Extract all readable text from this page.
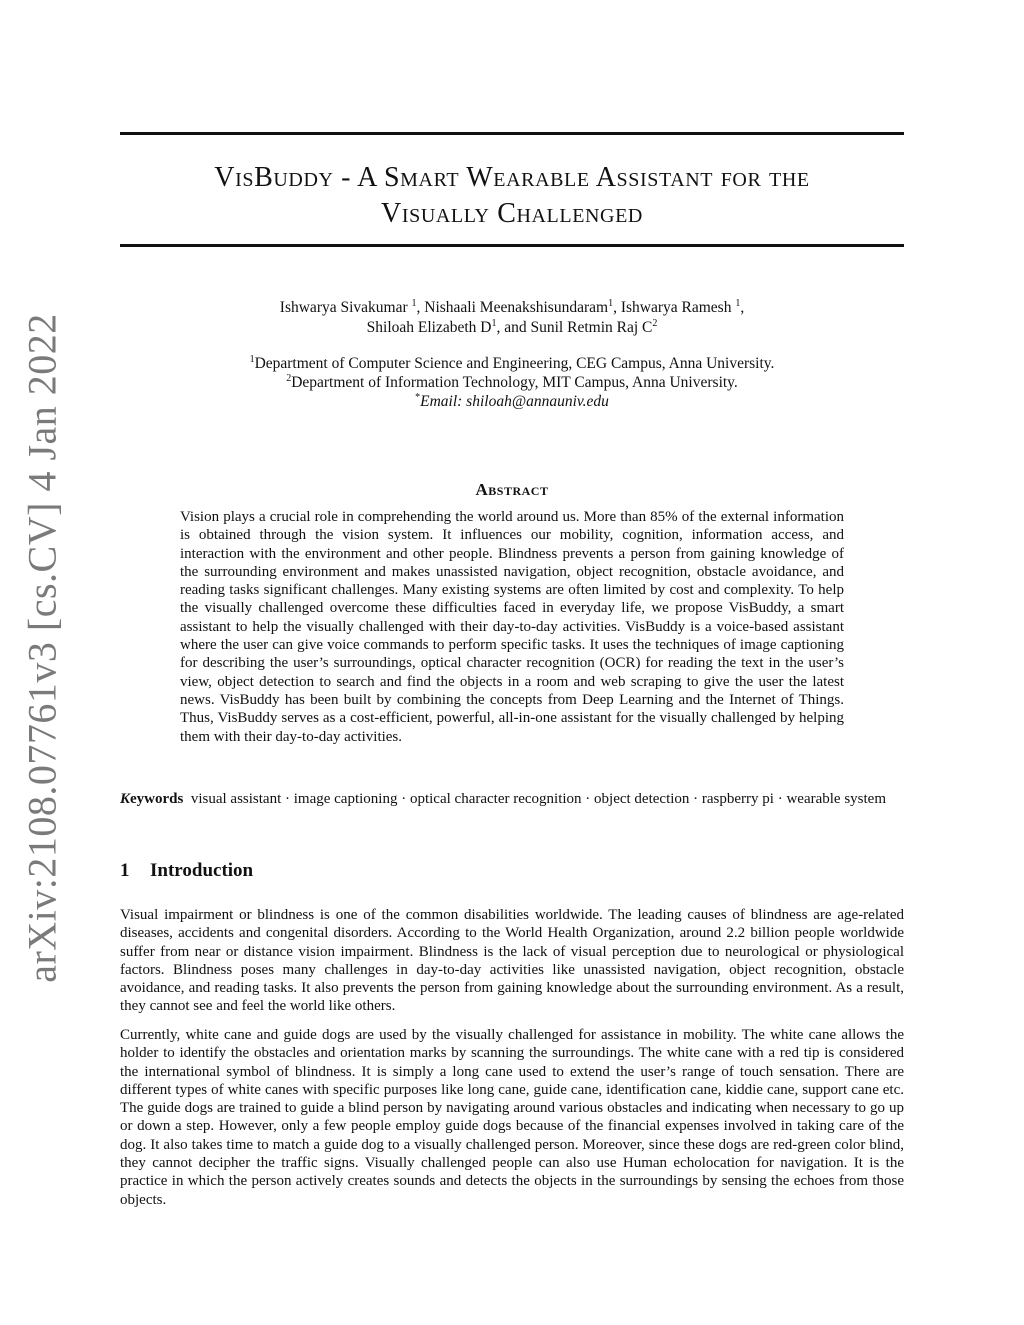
arXiv:2108.07761v3 [cs.CV] 4 Jan 2022
VisBuddy - A Smart Wearable Assistant for the
Visually Challenged
Ishwarya Sivakumar $^1$, Nishaali Meenakshisundaram$^1$, Ishwarya Ramesh $^1$,
Shiloah Elizabeth $D^1$, and Sunil Retmin Raj $C^2$
$^1$Department of Computer Science and Engineering, CEG Campus, Anna University.
$^2$Department of Information Technology, MIT Campus, Anna University.
*Email: shiloah@annauniv.edu
Abstract
Vision plays a crucial role in comprehending the world around us. More than 85% of the external information is obtained through the vision system. It influences our mobility, cognition, information access, and interaction with the environment and other people. Blindness prevents a person from gaining knowledge of the surrounding environment and makes unassisted navigation, object recognition, obstacle avoidance, and reading tasks significant challenges. Many existing systems are often limited by cost and complexity. To help the visually challenged overcome these difficulties faced in everyday life, we propose VisBuddy, a smart assistant to help the visually challenged with their day-to-day activities. VisBuddy is a voice-based assistant where the user can give voice commands to perform specific tasks. It uses the techniques of image captioning for describing the user’s surroundings, optical character recognition (OCR) for reading the text in the user’s view, object detection to search and find the objects in a room and web scraping to give the user the latest news. VisBuddy has been built by combining the concepts from Deep Learning and the Internet of Things. Thus, VisBuddy serves as a cost-efficient, powerful, all-in-one assistant for the visually challenged by helping them with their day-to-day activities.
Keywords visual assistant · image captioning · optical character recognition · object detection · raspberry pi · wearable system
1 Introduction

Visual impairment or blindness is one of the common disabilities worldwide. The leading causes of blindness are age-related diseases, accidents and congenital disorders. According to the World Health Organization, around 2.2 billion people worldwide suffer from near or distance vision impairment. Blindness is the lack of visual perception due to neurological or physiological factors. Blindness poses many challenges in day-to-day activities like unassisted navigation, object recognition, obstacle avoidance, and reading tasks. It also prevents the person from gaining knowledge about the surrounding environment. As a result, they cannot see and feel the world like others.

Currently, white cane and guide dogs are used by the visually challenged for assistance in mobility. The white cane allows the holder to identify the obstacles and orientation marks by scanning the surroundings. The white cane with a red tip is considered the international symbol of blindness. It is simply a long cane used to extend the user’s range of touch sensation. There are different types of white canes with specific purposes like long cane, guide cane, identification cane, kiddie cane, support cane etc. The guide dogs are trained to guide a blind person by navigating around various obstacles and indicating when necessary to go up or down a step. However, only a few people employ guide dogs because of the financial expenses involved in taking care of the dog. It also takes time to match a guide dog to a visually challenged person. Moreover, since these dogs are red-green color blind, they cannot decipher the traffic signs. Visually challenged people can also use Human echolocation for navigation. It is the practice in which the person actively creates sounds and detects the objects in the surroundings by sensing the echoes from those objects.
